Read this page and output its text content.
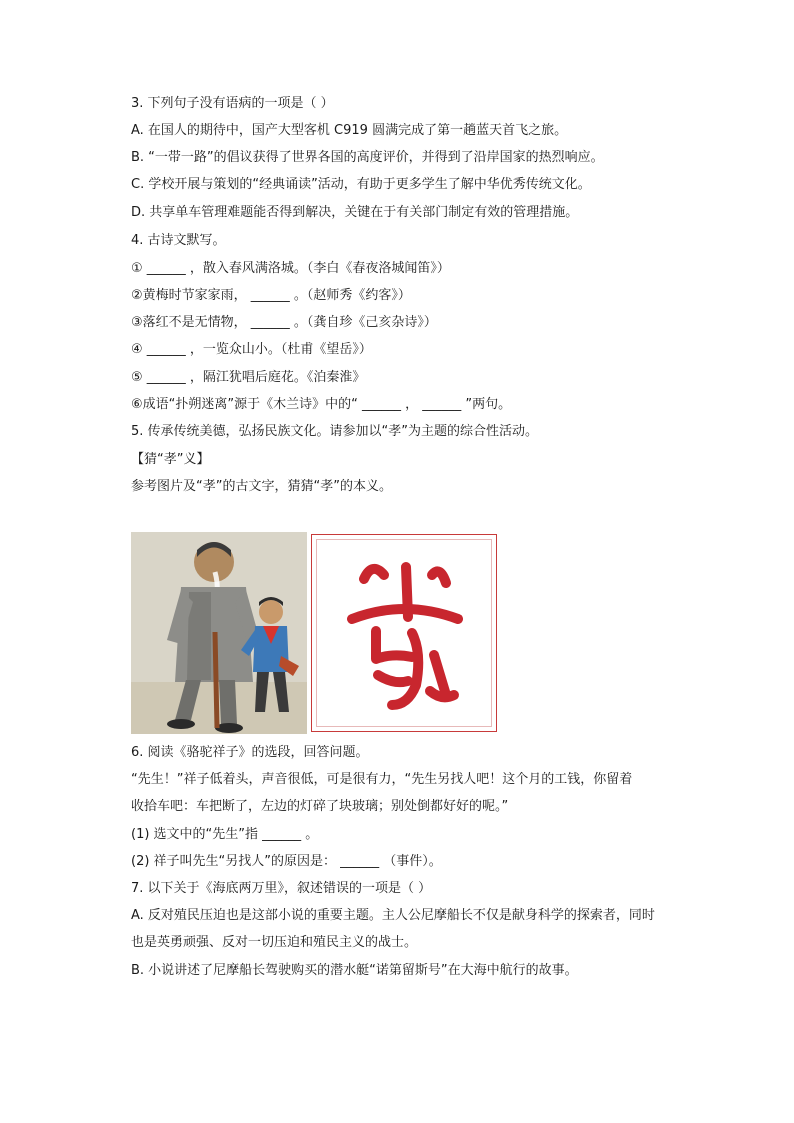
3. 下列句子没有语病的一项是（ ）
A. 在国人的期待中，国产大型客机 C919 圆满完成了第一趟蓝天首飞之旅。
B. “一带一路”的倡议获得了世界各国的高度评价，并得到了沿岸国家的热烈响应。
C. 学校开展与策划的“经典诵读”活动，有助于更多学生了解中华优秀传统文化。
D. 共享单车管理难题能否得到解决，关键在于有关部门制定有效的管理措施。
4. 古诗文默写。
① ______ ，散入春风满洛城。（李白《春夜洛城闻笛》）
②黄梅时节家家雨， ______ 。（赵师秀《约客》）
③落红不是无情物， ______ 。（龚自珍《己亥杂诗》）
④ ______ ，一览众山小。（杜甫《望岳》）
⑤ ______ ，隔江犹唱后庭花。《泊秦淮》
⑥成语“扑朔迷离”源于《木兰诗》中的“ ______ ， ______ ”两句。
5. 传承传统美德，弘扬民族文化。请参加以“孝”为主题的综合性活动。
【猜“孝”义】
参考图片及“孝”的古文字，猜猜“孝”的本义。
6. 阅读《骆驼祥子》的选段，回答问题。
“先生！”祥子低着头，声音很低，可是很有力，“先生另找人吧！这个月的工钱，你留着
收拾车吧：车把断了，左边的灯碎了块玻璃；别处倒都好好的呢。”
(1) 选文中的“先生”指 ______ 。
(2) 祥子叫先生“另找人”的原因是： ______ （事件）。
7. 以下关于《海底两万里》，叙述错误的一项是（ ）
A. 反对殖民压迫也是这部小说的重要主题。主人公尼摩船长不仅是献身科学的探索者，同时
也是英勇顽强、反对一切压迫和殖民主义的战士。
B. 小说讲述了尼摩船长驾驶购买的潜水艇“诺第留斯号”在大海中航行的故事。
